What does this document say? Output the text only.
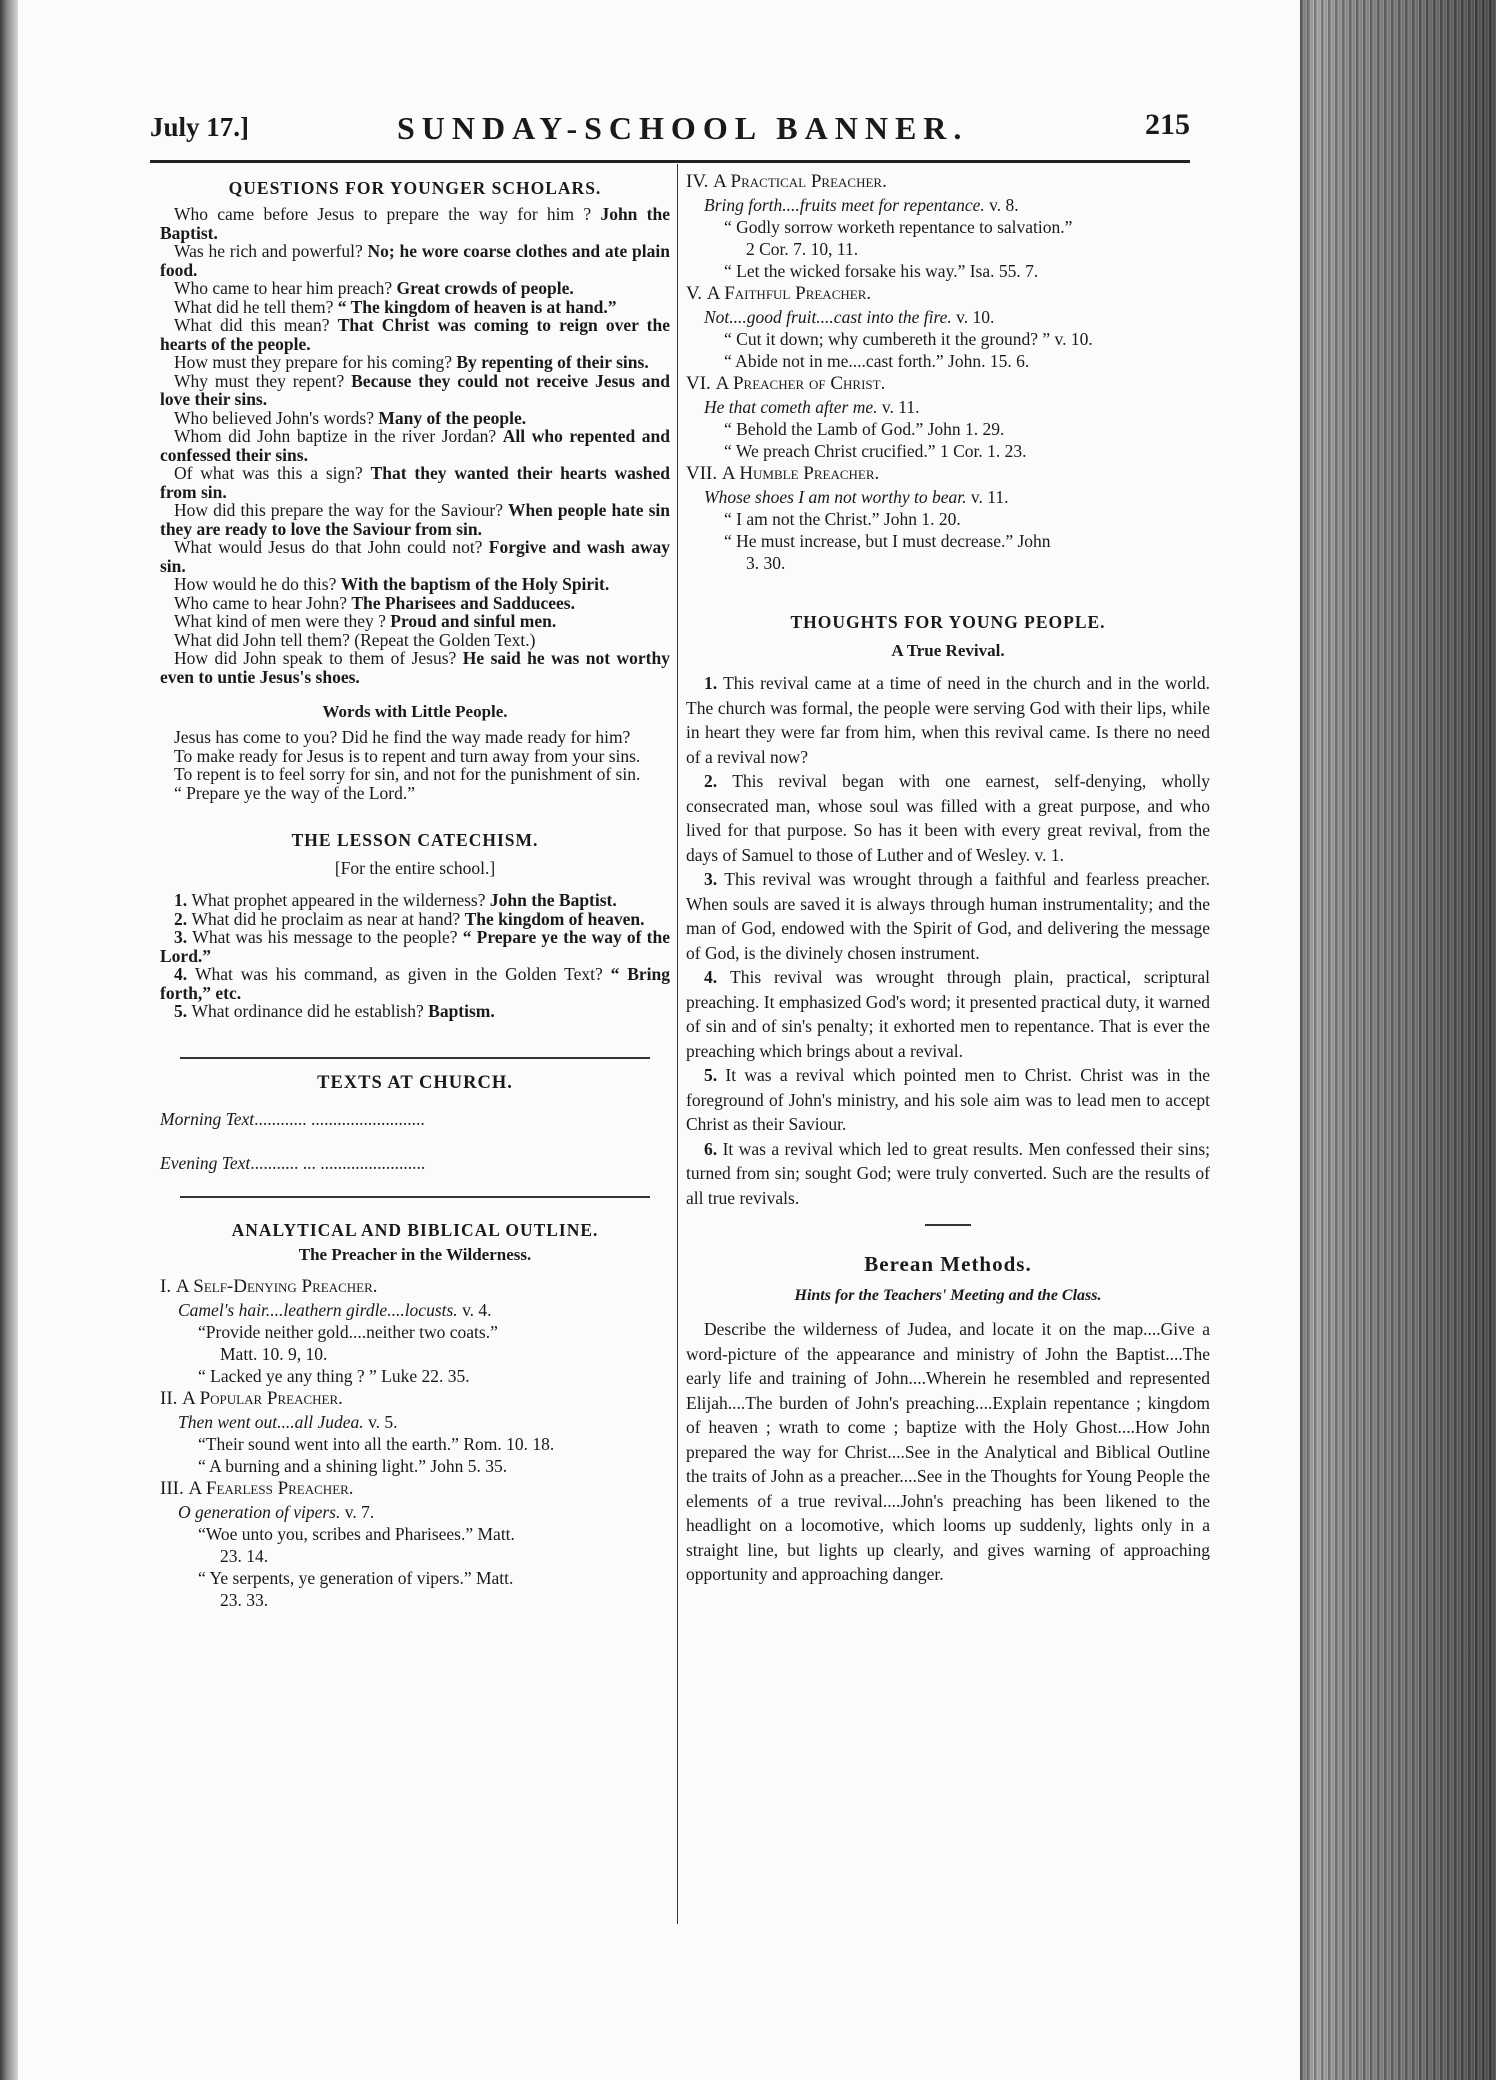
July 17.]	SUNDAY-SCHOOL BANNER.	215

QUESTIONS FOR YOUNGER SCHOLARS.

Who came before Jesus to prepare the way for him ? John the Baptist.

Was he rich and powerful? No; he wore coarse clothes and ate plain food.

Who came to hear him preach? Great crowds of people.

What did he tell them? “ The kingdom of heaven is at hand.”

What did this mean? That Christ was coming to reign over the hearts of the people.

How must they prepare for his coming? By repenting of their sins.

Why must they repent? Because they could not receive Jesus and love their sins.

Who believed John's words? Many of the people.

Whom did John baptize in the river Jordan? All who repented and confessed their sins.

Of what was this a sign? That they wanted their hearts washed from sin.

How did this prepare the way for the Saviour? When people hate sin they are ready to love the Saviour from sin.

What would Jesus do that John could not? Forgive and wash away sin.

How would he do this? With the baptism of the Holy Spirit.

Who came to hear John? The Pharisees and Sadducees.

What kind of men were they ? Proud and sinful men.

What did John tell them? (Repeat the Golden Text.)

How did John speak to them of Jesus? He said he was not worthy even to untie Jesus's shoes.

Words with Little People.

Jesus has come to you? Did he find the way made ready for him?

To make ready for Jesus is to repent and turn away from your sins.

To repent is to feel sorry for sin, and not for the punishment of sin.

“ Prepare ye the way of the Lord.”

THE LESSON CATECHISM.

[For the entire school.]

1. What prophet appeared in the wilderness? John the Baptist.

2. What did he proclaim as near at hand? The kingdom of heaven.

3. What was his message to the people? “ Prepare ye the way of the Lord.”

4. What was his command, as given in the Golden Text? “ Bring forth,” etc.

5. What ordinance did he establish? Baptism.

TEXTS AT CHURCH.

Morning Text............ ..........................

Evening Text........... ... ........................

ANALYTICAL AND BIBLICAL OUTLINE.

The Preacher in the Wilderness.

I. A Self-Denying Preacher.

Camel's hair....leathern girdle....locusts. v. 4.

“Provide neither gold....neither two coats.”

Matt. 10. 9, 10.

“ Lacked ye any thing ? ” Luke 22. 35.

II. A Popular Preacher.

Then went out....all Judea. v. 5.

“Their sound went into all the earth.” Rom. 10. 18.

“ A burning and a shining light.” John 5. 35.

III. A Fearless Preacher.

O generation of vipers. v. 7.

“Woe unto you, scribes and Pharisees.” Matt.

23. 14.

“ Ye serpents, ye generation of vipers.” Matt.

23. 33.

IV. A Practical Preacher.

Bring forth....fruits meet for repentance. v. 8.

“ Godly sorrow worketh repentance to salvation.”

2 Cor. 7. 10, 11.

“ Let the wicked forsake his way.” Isa. 55. 7.

V. A Faithful Preacher.

Not....good fruit....cast into the fire. v. 10.

“ Cut it down; why cumbereth it the ground? ” v. 10.

“ Abide not in me....cast forth.” John. 15. 6.

VI. A Preacher of Christ.

He that cometh after me. v. 11.

“ Behold the Lamb of God.” John 1. 29.

“ We preach Christ crucified.” 1 Cor. 1. 23.

VII. A Humble Preacher.

Whose shoes I am not worthy to bear. v. 11.

“ I am not the Christ.” John 1. 20.

“ He must increase, but I must decrease.” John

3. 30.

THOUGHTS FOR YOUNG PEOPLE.

A True Revival.

1. This revival came at a time of need in the church and in the world. The church was formal, the people were serving God with their lips, while in heart they were far from him, when this revival came. Is there no need of a revival now?

2. This revival began with one earnest, self-denying, wholly consecrated man, whose soul was filled with a great purpose, and who lived for that purpose. So has it been with every great revival, from the days of Samuel to those of Luther and of Wesley. v. 1.

3. This revival was wrought through a faithful and fearless preacher. When souls are saved it is always through human instrumentality; and the man of God, endowed with the Spirit of God, and delivering the message of God, is the divinely chosen instrument.

4. This revival was wrought through plain, practical, scriptural preaching. It emphasized God's word; it presented practical duty, it warned of sin and of sin's penalty; it exhorted men to repentance. That is ever the preaching which brings about a revival.

5. It was a revival which pointed men to Christ. Christ was in the foreground of John's ministry, and his sole aim was to lead men to accept Christ as their Saviour.

6. It was a revival which led to great results. Men confessed their sins; turned from sin; sought God; were truly converted. Such are the results of all true revivals.

Berean Methods.

Hints for the Teachers' Meeting and the Class.

Describe the wilderness of Judea, and locate it on the map....Give a word-picture of the appearance and ministry of John the Baptist....The early life and training of John....Wherein he resembled and represented Elijah....The burden of John's preaching....Explain repentance ; kingdom of heaven ; wrath to come ; baptize with the Holy Ghost....How John prepared the way for Christ....See in the Analytical and Biblical Outline the traits of John as a preacher....See in the Thoughts for Young People the elements of a true revival....John's preaching has been likened to the headlight on a locomotive, which looms up suddenly, lights only in a straight line, but lights up clearly, and gives warning of approaching opportunity and approaching danger.
